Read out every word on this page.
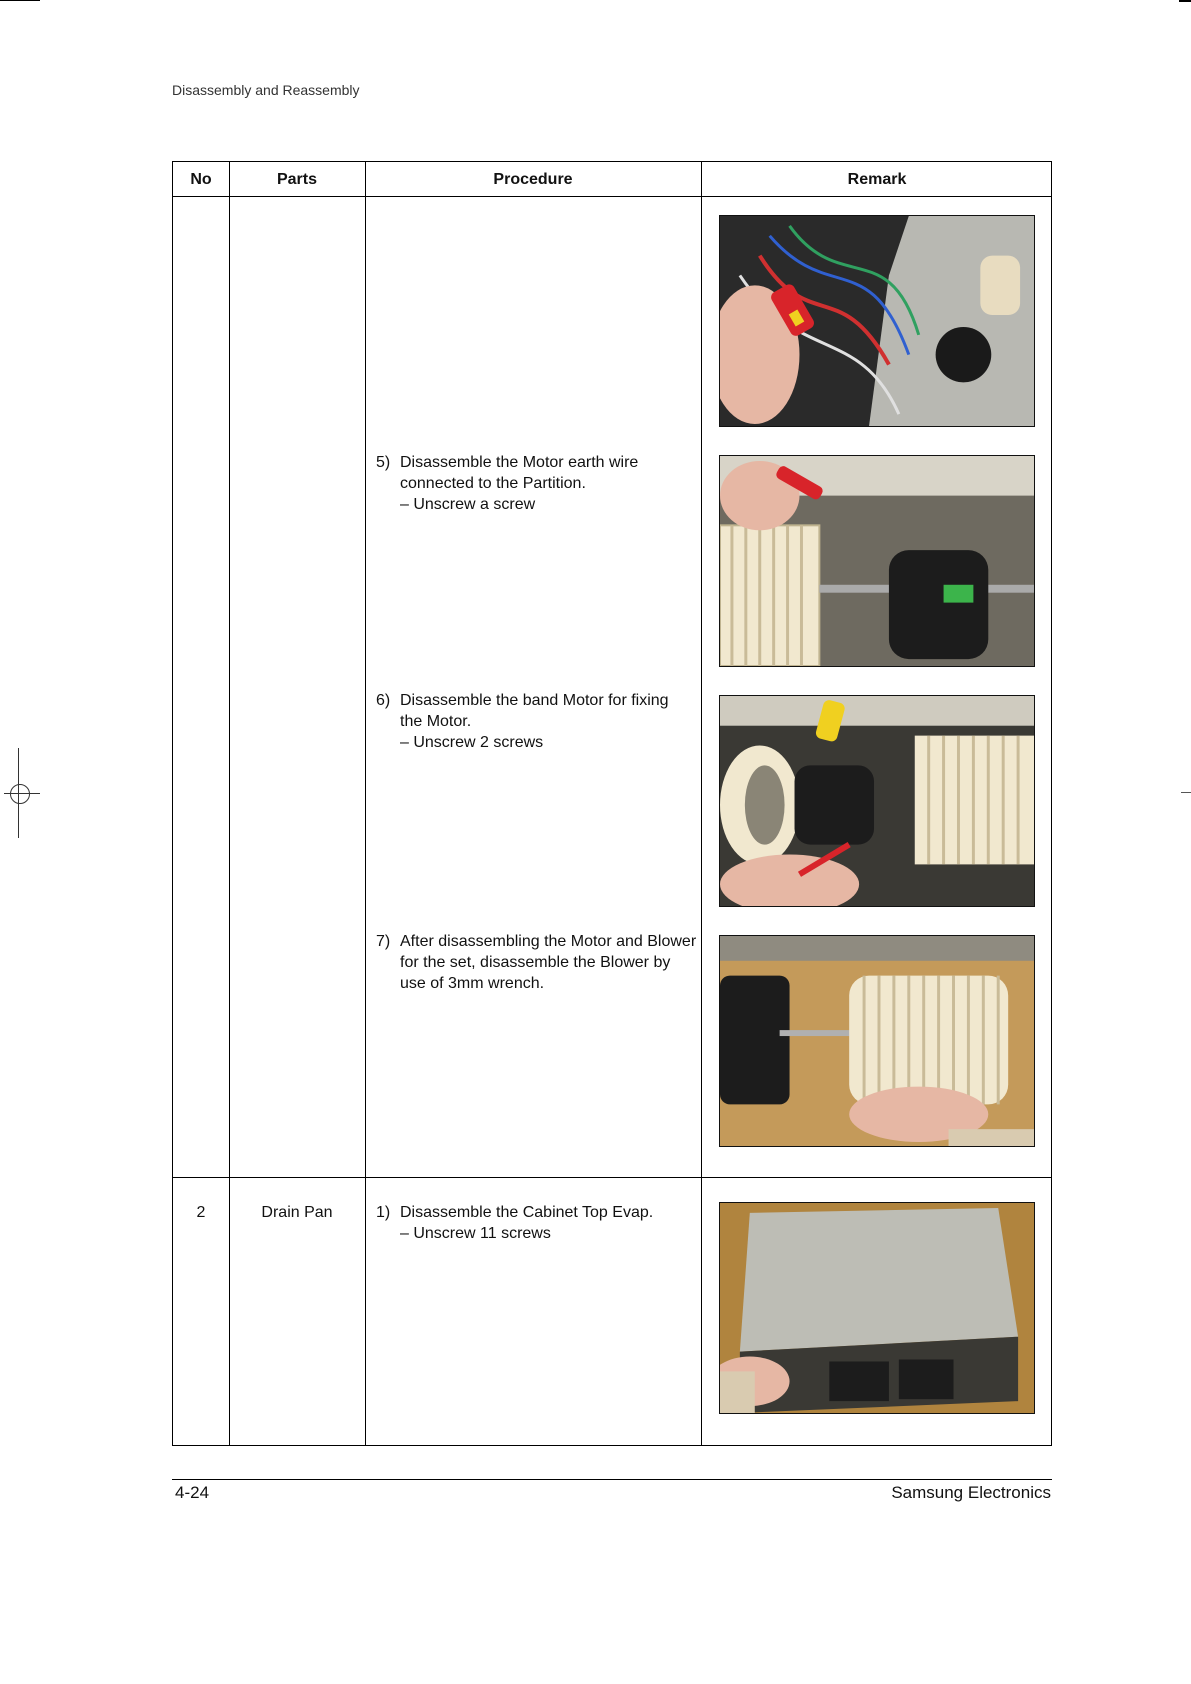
Disassembly and Reassembly
No	Parts	Procedure	Remark
5) Disassemble the Motor earth wire
connected to the Partition.
– Unscrew a screw
6) Disassemble the band Motor for fixing
the Motor.
– Unscrew 2 screws
7) After disassembling the Motor and Blower
for the set, disassemble the Blower by
use of 3mm wrench.
2	Drain Pan	1) Disassemble the Cabinet Top Evap.
– Unscrew 11 screws
4-24	Samsung Electronics
